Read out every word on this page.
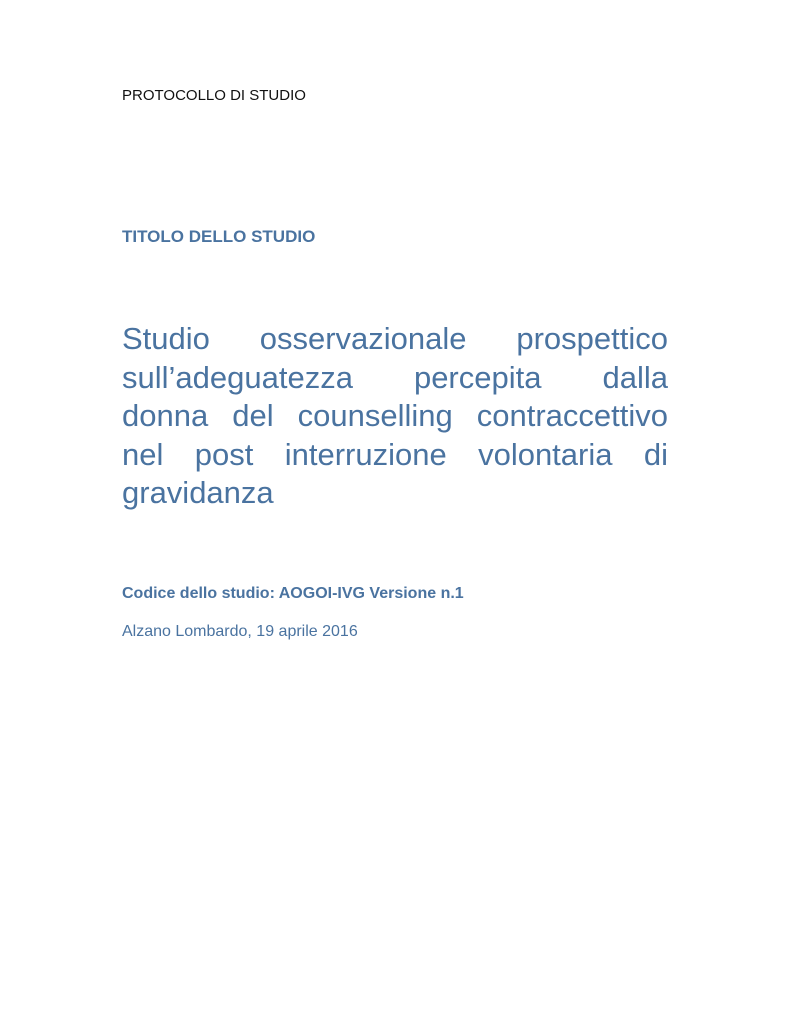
PROTOCOLLO DI STUDIO
TITOLO DELLO STUDIO
Studio osservazionale prospettico
sull’adeguatezza percepita dalla
donna del counselling contraccettivo
nel post interruzione volontaria di
gravidanza
Codice dello studio: AOGOI-IVG Versione n.1
Alzano Lombardo, 19 aprile 2016
